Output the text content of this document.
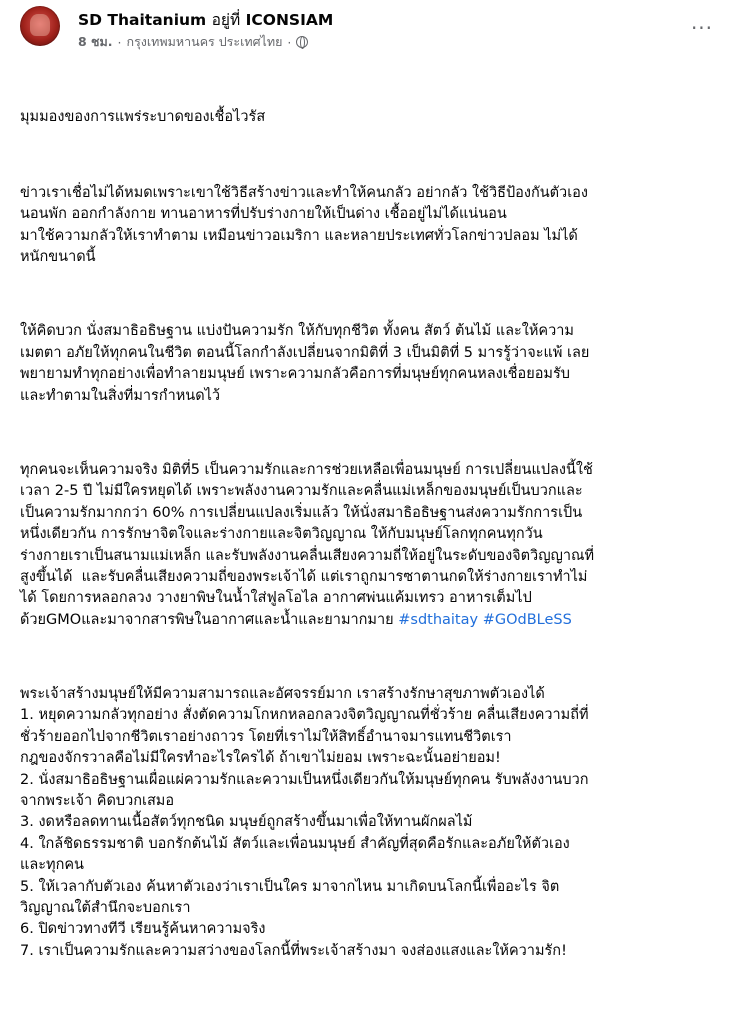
SD Thaitanium อยู่ที่ ICONSIAM
8 ชม. · กรุงเทพมหานคร ประเทศไทย ·
···

มุมมองของการแพร่ระบาดของเชื้อไวรัส

ข่าวเราเชื่อไม่ได้หมดเพราะเขาใช้วิธีสร้างข่าวและทำให้คนกลัว อย่ากลัว ใช้วิธีป้องกันตัวเอง
นอนพัก ออกกำลังกาย ทานอาหารที่ปรับร่างกายให้เป็นด่าง เชื้ออยู่ไม่ได้แน่นอน
มาใช้ความกลัวให้เราทำตาม เหมือนข่าวอเมริกา และหลายประเทศทั่วโลกข่าวปลอม ไม่ได้
หนักขนาดนี้

ให้คิดบวก นั่งสมาธิอธิษฐาน แบ่งปันความรัก ให้กับทุกชีวิต ทั้งคน สัตว์ ต้นไม้ และให้ความ
เมตตา อภัยให้ทุกคนในชีวิต ตอนนี้โลกกำลังเปลี่ยนจากมิติที่ 3 เป็นมิติที่ 5 มารรู้ว่าจะแพ้ เลย
พยายามทำทุกอย่างเพื่อทำลายมนุษย์ เพราะความกลัวคือการที่มนุษย์ทุกคนหลงเชื่อยอมรับ
และทำตามในสิ่งที่มารกำหนดไว้

ทุกคนจะเห็นความจริง มิติที่5 เป็นความรักและการช่วยเหลือเพื่อนมนุษย์ การเปลี่ยนแปลงนี้ใช้
เวลา 2-5 ปี ไม่มีใครหยุดได้ เพราะพลังงานความรักและคลื่นแม่เหล็กของมนุษย์เป็นบวกและ
เป็นความรักมากกว่า 60% การเปลี่ยนแปลงเริ่มแล้ว ให้นั่งสมาธิอธิษฐานส่งความรักการเป็น
หนึ่งเดียวกัน การรักษาจิตใจและร่างกายและจิตวิญญาณ ให้กับมนุษย์โลกทุกคนทุกวัน
ร่างกายเราเป็นสนามแม่เหล็ก และรับพลังงานคลื่นเสียงความถี่ให้อยู่ในระดับของจิตวิญญาณที่
สูงขึ้นได้  และรับคลื่นเสียงความถี่ของพระเจ้าได้ แต่เราถูกมารซาตานกดให้ร่างกายเราทำไม่
ได้ โดยการหลอกลวง วางยาพิษในน้ำใส่ฟูลโอไล อากาศพ่นแค้มเทรว อาหารเต็มไป
ด้วยGMOและมาจากสารพิษในอากาศและน้ำและยามากมาย #sdthaitay #GOdBLeSS

พระเจ้าสร้างมนุษย์ให้มีความสามารถและอัศจรรย์มาก เราสร้างรักษาสุขภาพตัวเองได้
1. หยุดความกลัวทุกอย่าง สั่งตัดความโกหกหลอกลวงจิตวิญญาณที่ชั่วร้าย คลื่นเสียงความถี่ที่
ชั่วร้ายออกไปจากชีวิตเราอย่างถาวร โดยที่เราไม่ให้สิทธิ์อำนาจมารแทนชีวิตเรา
กฎของจักรวาลคือไม่มีใครทำอะไรใครได้ ถ้าเขาไม่ยอม เพราะฉะนั้นอย่ายอม!
2. นั่งสมาธิอธิษฐานเผื่อแผ่ความรักและความเป็นหนึ่งเดียวกันให้มนุษย์ทุกคน รับพลังงานบวก
จากพระเจ้า คิดบวกเสมอ
3. งดหรือลดทานเนื้อสัตว์ทุกชนิด มนุษย์ถูกสร้างขึ้นมาเพื่อให้ทานผักผลไม้
4. ใกล้ชิดธรรมชาติ บอกรักต้นไม้ สัตว์และเพื่อนมนุษย์ สำคัญที่สุดคือรักและอภัยให้ตัวเอง
และทุกคน
5. ให้เวลากับตัวเอง ค้นหาตัวเองว่าเราเป็นใคร มาจากไหน มาเกิดบนโลกนี้เพื่ออะไร จิต
วิญญาณใต้สำนึกจะบอกเรา
6. ปิดข่าวทางทีวี เรียนรู้ค้นหาความจริง
7. เราเป็นความรักและความสว่างของโลกนี้ที่พระเจ้าสร้างมา จงส่องแสงและให้ความรัก!
